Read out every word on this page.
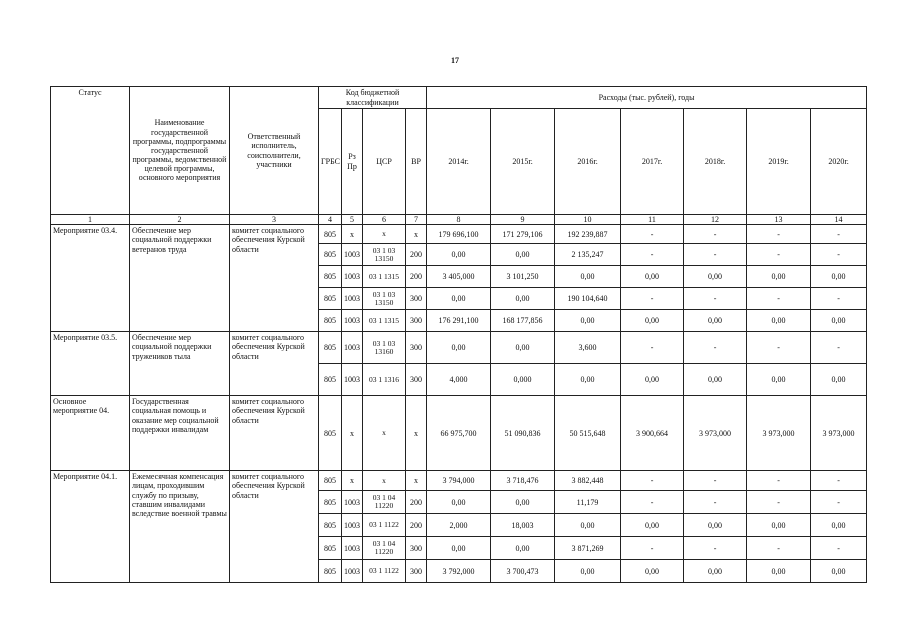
17
Статус	Наименование государственной программы, подпрограммы государственной программы, ведомственной целевой программы, основного мероприятия	Ответственный исполнитель, соисполнители, участники	Код бюджетной классификации				Расходы (тыс. рублей), годы						
			ГРБС	Рз Пр	ЦСР	ВР	2014г.	2015г.	2016г.	2017г.	2018г.	2019г.	2020г.
1	2	3	4	5	6	7	8	9	10	11	12	13	14
Мероприятие 03.4.	Обеспечение мер социальной поддержки ветеранов труда	комитет социального обеспечения Курской области	805	х	х	х	179 696,100	171 279,106	192 239,887	-	-	-	-
			805	1003	03 1 03 13150	200	0,00	0,00	2 135,247	-	-	-	-
			805	1003	03 1 1315	200	3 405,000	3 101,250	0,00	0,00	0,00	0,00	0,00
			805	1003	03 1 03 13150	300	0,00	0,00	190 104,640	-	-	-	-
			805	1003	03 1 1315	300	176 291,100	168 177,856	0,00	0,00	0,00	0,00	0,00
Мероприятие 03.5.	Обеспечение мер социальной поддержки тружеников тыла	комитет социального обеспечения Курской области	805	1003	03 1 03 13160	300	0,00	0,00	3,600	-	-	-	-
			805	1003	03 1 1316	300	4,000	0,000	0,00	0,00	0,00	0,00	0,00
Основное мероприятие 04.	Государственная социальная помощь и оказание мер социальной поддержки инвалидам	комитет социального обеспечения Курской области	805	х	х	х	66 975,700	51 090,836	50 515,648	3 900,664	3 973,000	3 973,000	3 973,000
Мероприятие 04.1.	Ежемесячная компенсация лицам, проходившим службу по призыву, ставшим инвалидами вследствие военной травмы	комитет социального обеспечения Курской области	805	х	х	х	3 794,000	3 718,476	3 882,448	-	-	-	-
			805	1003	03 1 04 11220	200	0,00	0,00	11,179	-	-	-	-
			805	1003	03 1 1122	200	2,000	18,003	0,00	0,00	0,00	0,00	0,00
			805	1003	03 1 04 11220	300	0,00	0,00	3 871,269	-	-	-	-
			805	1003	03 1 1122	300	3 792,000	3 700,473	0,00	0,00	0,00	0,00	0,00
